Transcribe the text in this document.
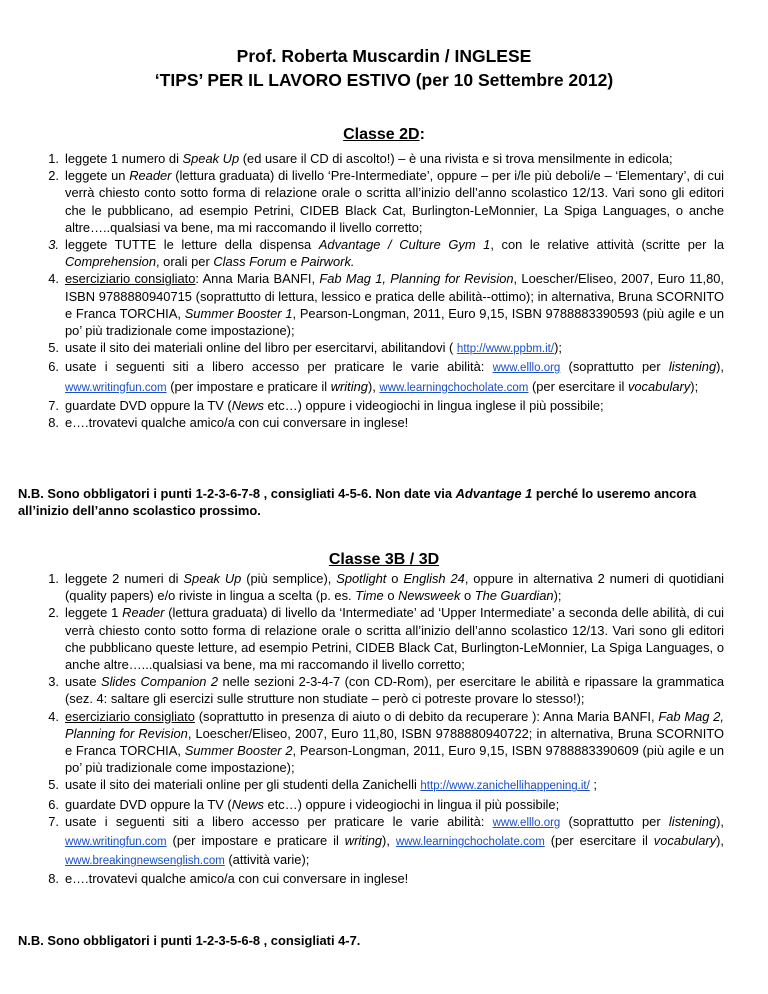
Prof. Roberta Muscardin / INGLESE
‘TIPS’ PER IL LAVORO ESTIVO (per 10 Settembre 2012)
Classe 2D:
1. leggete 1 numero di Speak Up (ed usare il CD di ascolto!) – è una rivista e si trova mensilmente in edicola;
2. leggete un Reader (lettura graduata) di livello ‘Pre-Intermediate’, oppure – per i/le più deboli/e – ‘Elementary’, di cui verrà chiesto conto sotto forma di relazione orale o scritta all’inizio dell’anno scolastico 12/13. Vari sono gli editori che le pubblicano, ad esempio Petrini, CIDEB Black Cat, Burlington-LeMonnier, La Spiga Languages, o anche altre…..qualsiasi va bene, ma mi raccomando il livello corretto;
3. leggete TUTTE le letture della dispensa Advantage / Culture Gym 1, con le relative attività (scritte per la Comprehension, orali per Class Forum e Pairwork.
4. eserciziario consigliato: Anna Maria BANFI, Fab Mag 1, Planning for Revision, Loescher/Eliseo, 2007, Euro 11,80, ISBN 9788880940715 (soprattutto di lettura, lessico e pratica delle abilità--ottimo); in alternativa, Bruna SCORNITO e Franca TORCHIA, Summer Booster 1, Pearson-Longman, 2011, Euro 9,15, ISBN 9788883390593 (più agile e un po’ più tradizionale come impostazione);
5. usate il sito dei materiali online del libro per esercitarvi, abilitandovi ( http://www.ppbm.it/);
6. usate i seguenti siti a libero accesso per praticare le varie abilità: www.elllo.org (soprattutto per listening), www.writingfun.com (per impostare e praticare il writing), www.learningchocholate.com (per esercitare il vocabulary);
7. guardate DVD oppure la TV (News etc…) oppure i videogiochi in lingua inglese il più possibile;
8. e….trovatevi qualche amico/a con cui conversare in inglese!
N.B. Sono obbligatori i punti 1-2-3-6-7-8 , consigliati 4-5-6. Non date via Advantage 1 perché lo useremo ancora all’inizio dell’anno scolastico prossimo.
Classe 3B / 3D
1. leggete 2 numeri di Speak Up (più semplice), Spotlight o English 24, oppure in alternativa 2 numeri di quotidiani (quality papers) e/o riviste in lingua a scelta (p. es. Time o Newsweek o The Guardian);
2. leggete 1 Reader (lettura graduata) di livello da ‘Intermediate’ ad ‘Upper Intermediate’ a seconda delle abilità, di cui verrà chiesto conto sotto forma di relazione orale o scritta all’inizio dell’anno scolastico 12/13. Vari sono gli editori che pubblicano queste letture, ad esempio Petrini, CIDEB Black Cat, Burlington-LeMonnier, La Spiga Languages, o anche altre…...qualsiasi va bene, ma mi raccomando il livello corretto;
3. usate Slides Companion 2 nelle sezioni 2-3-4-7 (con CD-Rom), per esercitare le abilità e ripassare la grammatica (sez. 4: saltare gli esercizi sulle strutture non studiate – però ci potreste provare lo stesso!);
4. eserciziario consigliato (soprattutto in presenza di aiuto o di debito da recuperare ): Anna Maria BANFI, Fab Mag 2, Planning for Revision, Loescher/Eliseo, 2007, Euro 11,80, ISBN 9788880940722; in alternativa, Bruna SCORNITO e Franca TORCHIA, Summer Booster 2, Pearson-Longman, 2011, Euro 9,15, ISBN 9788883390609 (più agile e un po’ più tradizionale come impostazione);
5. usate il sito dei materiali online per gli studenti della Zanichelli http://www.zanichellihappening.it/ ;
6. guardate DVD oppure la TV (News etc…) oppure i videogiochi in lingua il più possibile;
7. usate i seguenti siti a libero accesso per praticare le varie abilità: www.elllo.org (soprattutto per listening), www.writingfun.com (per impostare e praticare il writing), www.learningchocholate.com (per esercitare il vocabulary), www.breakingnewsenglish.com (attività varie);
8. e….trovatevi qualche amico/a con cui conversare in inglese!
N.B. Sono obbligatori i punti 1-2-3-5-6-8 , consigliati 4-7.
